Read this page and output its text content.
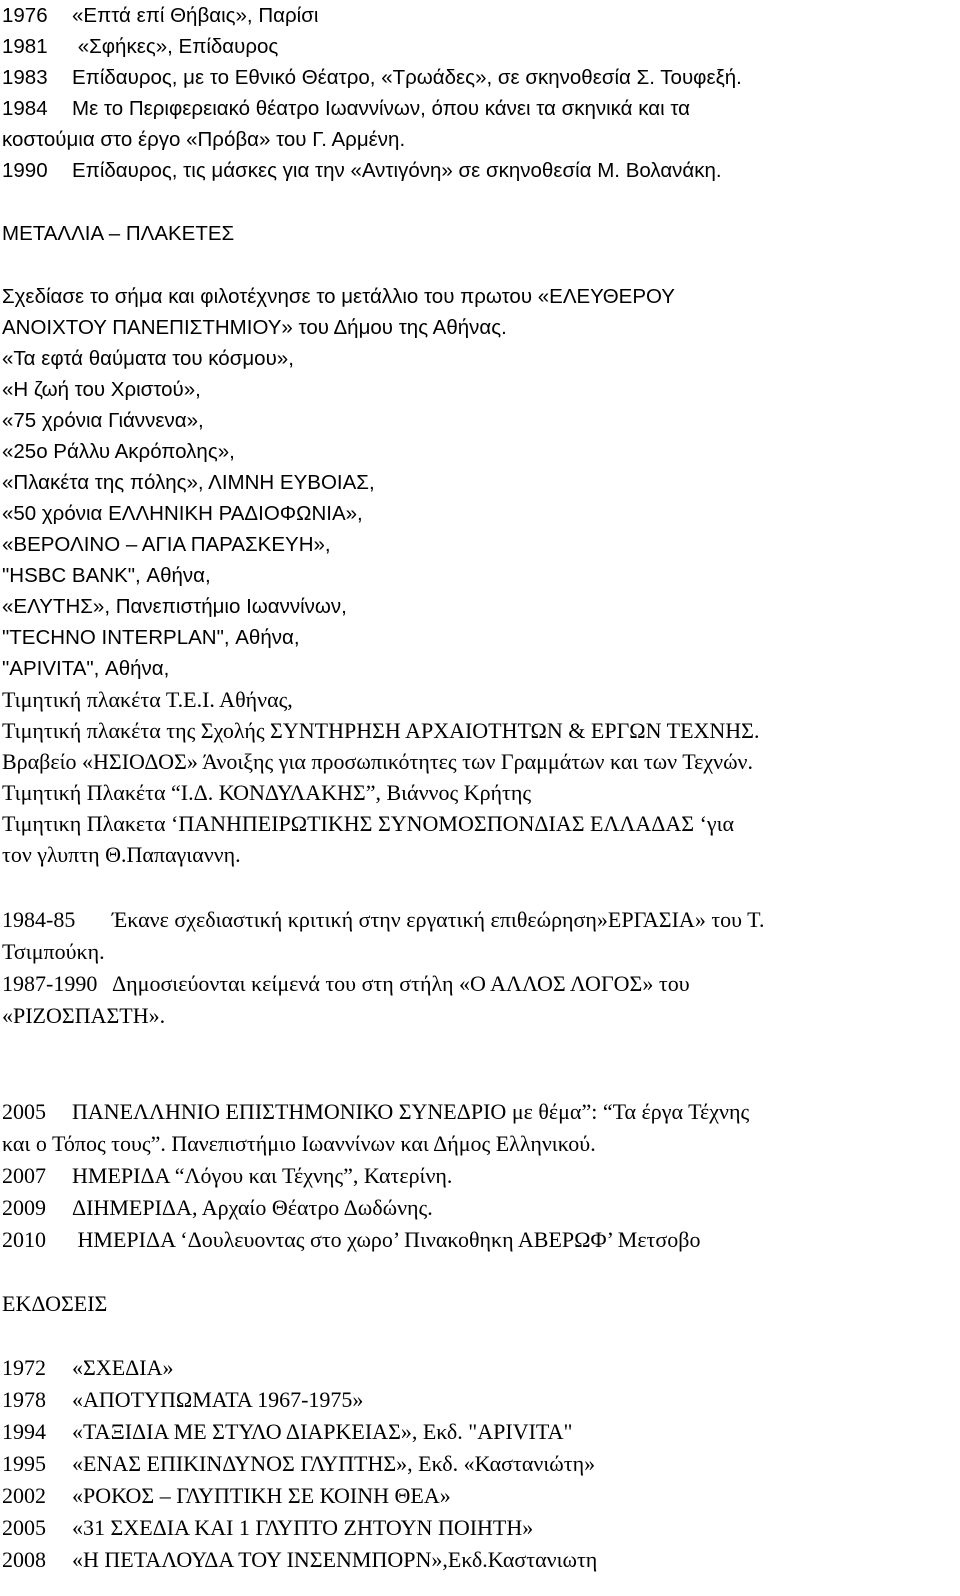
1976 «Επτά επί Θήβαις», Παρίσι
1981 «Σφήκες», Επίδαυρος
1983 Επίδαυρος, με το Εθνικό Θέατρο, «Τρωάδες», σε σκηνοθεσία Σ. Τουφεξή.
1984 Με το Περιφερειακό θέατρο Ιωαννίνων, όπου κάνει τα σκηνικά και τα
κοστούμια στο έργο «Πρόβα» του Γ. Αρμένη.
1990 Επίδαυρος, τις μάσκες για την «Αντιγόνη» σε σκηνοθεσία Μ. Βολανάκη.
ΜΕΤΑΛΛΙΑ – ΠΛΑΚΕΤΕΣ
Σχεδίασε το σήμα και φιλοτέχνησε το μετάλλιο του πρωτου «ΕΛΕΥΘΕΡΟΥ
ΑΝΟΙΧΤΟΥ ΠΑΝΕΠΙΣΤΗΜΙΟΥ» του Δήμου της Αθήνας.
«Τα εφτά θαύματα του κόσμου»,
«Η ζωή του Χριστού»,
«75 χρόνια Γιάννενα»,
«25ο Ράλλυ Ακρόπολης»,
«Πλακέτα της πόλης», ΛΙΜΝΗ ΕΥΒΟΙΑΣ,
«50 χρόνια ΕΛΛΗΝΙΚΗ ΡΑΔΙΟΦΩΝΙΑ»,
«ΒΕΡΟΛΙΝΟ – ΑΓΙΑ ΠΑΡΑΣΚΕΥΗ»,
"HSBC BANK", Αθήνα,
«ΕΛΥΤΗΣ», Πανεπιστήμιο Ιωαννίνων,
"TECHNO INTERPLAN", Αθήνα,
"APIVITA", Αθήνα,
Τιμητική πλακέτα Τ.Ε.Ι. Αθήνας,
Τιμητική πλακέτα της Σχολής ΣΥΝΤΗΡΗΣΗ ΑΡΧΑΙΟΤΗΤΩΝ & ΕΡΓΩΝ ΤΕΧΝΗΣ.
Βραβείο «ΗΣΙΟΔΟΣ» Άνοιξης για προσωπικότητες των Γραμμάτων και των Τεχνών.
Τιμητική Πλακέτα “Ι.Δ. ΚΟΝΔΥΛΑΚΗΣ”, Βιάννος Κρήτης
Τιμητικη Πλακετα ‘ΠΑΝΗΠΕΙΡΩΤΙΚΗΣ ΣΥΝΟΜΟΣΠΟΝΔΙΑΣ ΕΛΛΑΔΑΣ ‘για
τον γλυπτη Θ.Παπαγιαννη.
1984-85 Έκανε σχεδιαστική κριτική στην εργατική επιθεώρηση»ΕΡΓΑΣΙΑ» του Τ.
Τσιμπούκη.
1987-1990 Δημοσιεύονται κείμενά του στη στήλη «Ο ΑΛΛΟΣ ΛΟΓΟΣ» του
«ΡΙΖΟΣΠΑΣΤΗ».
2005 ΠΑΝΕΛΛΗΝΙΟ ΕΠΙΣΤΗΜΟΝΙΚΟ ΣΥΝΕΔΡΙΟ με θέμα”: “Τα έργα Τέχνης
και ο Τόπος τους”. Πανεπιστήμιο Ιωαννίνων και Δήμος Ελληνικού.
2007 ΗΜΕΡΙΔΑ “Λόγου και Τέχνης”, Κατερίνη.
2009 ΔΙΗΜΕΡΙΔΑ, Αρχαίο Θέατρο Δωδώνης.
2010 ΗΜΕΡΙΔΑ ‘Δουλευοντας στο χωρο’ Πινακοθηκη ΑΒΕΡΩΦ’ Μετσοβο
ΕΚΔΟΣΕΙΣ
1972 «ΣΧΕΔΙΑ»
1978 «ΑΠΟΤΥΠΩΜΑΤΑ 1967-1975»
1994 «ΤΑΞΙΔΙΑ ΜΕ ΣΤΥΛΟ ΔΙΑΡΚΕΙΑΣ», Εκδ. "APIVITA"
1995 «ΕΝΑΣ ΕΠΙΚΙΝΔΥΝΟΣ ΓΛΥΠΤΗΣ», Εκδ. «Καστανιώτη»
2002 «ΡΟΚΟΣ – ΓΛΥΠΤΙΚΗ ΣΕ ΚΟΙΝΗ ΘΕΑ»
2005 «31 ΣΧΕΔΙΑ ΚΑΙ 1 ΓΛΥΠΤΟ ΖΗΤΟΥΝ ΠΟΙΗΤΗ»
2008 «Η ΠΕΤΑΛΟΥΔΑ ΤΟΥ ΙΝΣΕΝΜΠΟΡΝ»,Εκδ.Καστανιωτη
